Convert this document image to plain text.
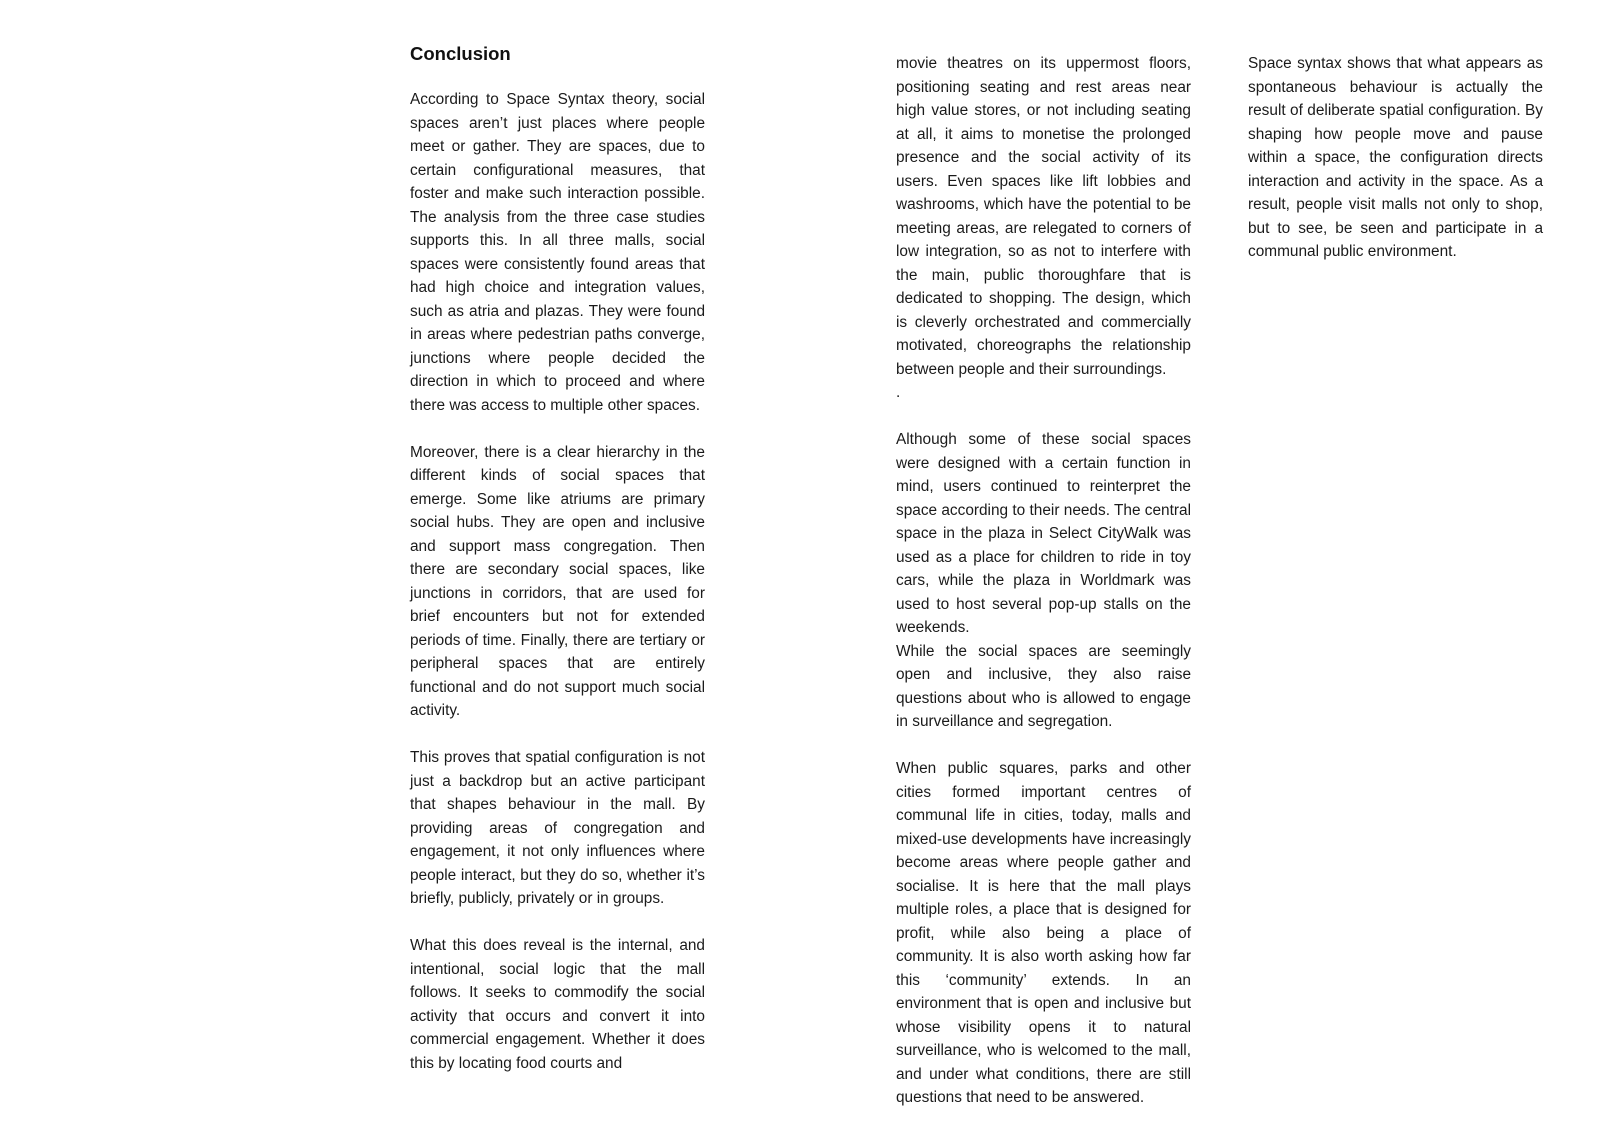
Conclusion

According to Space Syntax theory, social spaces aren’t just places where people meet or gather. They are spaces, due to certain configurational measures, that foster and make such interaction possible. The analysis from the three case studies supports this. In all three malls, social spaces were consistently found areas that had high choice and integration values, such as atria and plazas. They were found in areas where pedestrian paths converge, junctions where people decided the direction in which to proceed and where there was access to multiple other spaces.

Moreover, there is a clear hierarchy in the different kinds of social spaces that emerge. Some like atriums are primary social hubs. They are open and inclusive and support mass congregation. Then there are secondary social spaces, like junctions in corridors, that are used for brief encounters but not for extended periods of time. Finally, there are tertiary or peripheral spaces that are entirely functional and do not support much social activity.

This proves that spatial configuration is not just a backdrop but an active participant that shapes behaviour in the mall. By providing areas of congregation and engagement, it not only influences where people interact, but they do so, whether it’s briefly, publicly, privately or in groups.

What this does reveal is the internal, and intentional, social logic that the mall follows. It seeks to commodify the social activity that occurs and convert it into commercial engagement. Whether it does this by locating food courts and

movie theatres on its uppermost floors, positioning seating and rest areas near high value stores, or not including seating at all, it aims to monetise the prolonged presence and the social activity of its users. Even spaces like lift lobbies and washrooms, which have the potential to be meeting areas, are relegated to corners of low integration, so as not to interfere with the main, public thoroughfare that is dedicated to shopping. The design, which is cleverly orchestrated and commercially motivated, choreographs the relationship between people and their surroundings.

.

Although some of these social spaces were designed with a certain function in mind, users continued to reinterpret the space according to their needs. The central space in the plaza in Select CityWalk was used as a place for children to ride in toy cars, while the plaza in Worldmark was used to host several pop-up stalls on the weekends.

While the social spaces are seemingly open and inclusive, they also raise questions about who is allowed to engage in surveillance and segregation.

When public squares, parks and other cities formed important centres of communal life in cities, today, malls and mixed-use developments have increasingly become areas where people gather and socialise. It is here that the mall plays multiple roles, a place that is designed for profit, while also being a place of community. It is also worth asking how far this ‘community’ extends. In an environment that is open and inclusive but whose visibility opens it to natural surveillance, who is welcomed to the mall, and under what conditions, there are still questions that need to be answered.

Space syntax shows that what appears as spontaneous behaviour is actually the result of deliberate spatial configuration. By shaping how people move and pause within a space, the configuration directs interaction and activity in the space. As a result, people visit malls not only to shop, but to see, be seen and participate in a communal public environment.
